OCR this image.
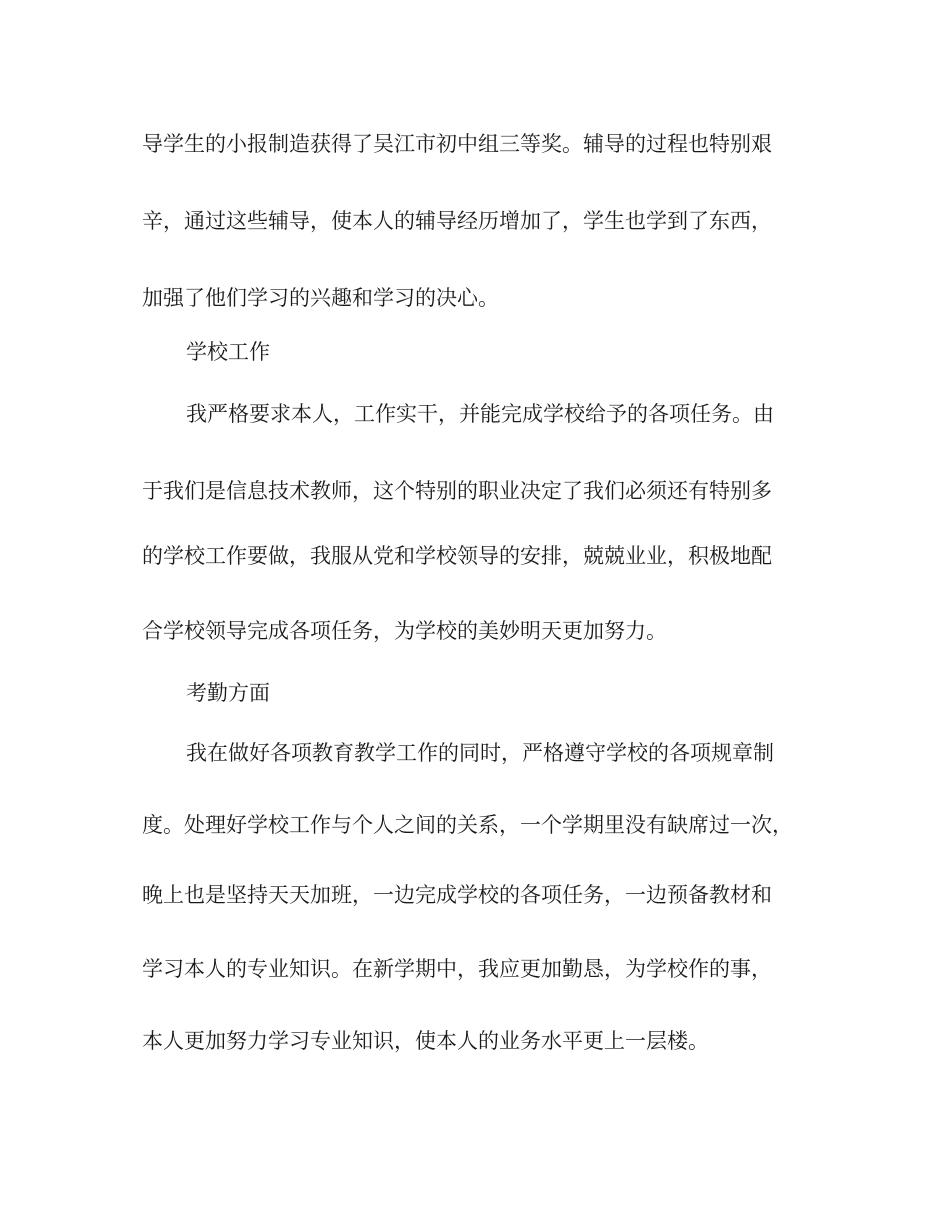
导学生的小报制造获得了吴江市初中组三等奖。辅导的过程也特别艰
辛，通过这些辅导，使本人的辅导经历增加了，学生也学到了东西，
加强了他们学习的兴趣和学习的决心。
学校工作
我严格要求本人，工作实干，并能完成学校给予的各项任务。由
于我们是信息技术教师，这个特别的职业决定了我们必须还有特别多
的学校工作要做，我服从党和学校领导的安排，兢兢业业，积极地配
合学校领导完成各项任务，为学校的美妙明天更加努力。
考勤方面
我在做好各项教育教学工作的同时，严格遵守学校的各项规章制
度。处理好学校工作与个人之间的关系，一个学期里没有缺席过一次，
晚上也是坚持天天加班，一边完成学校的各项任务，一边预备教材和
学习本人的专业知识。在新学期中，我应更加勤恳，为学校作的事，
本人更加努力学习专业知识，使本人的业务水平更上一层楼。
